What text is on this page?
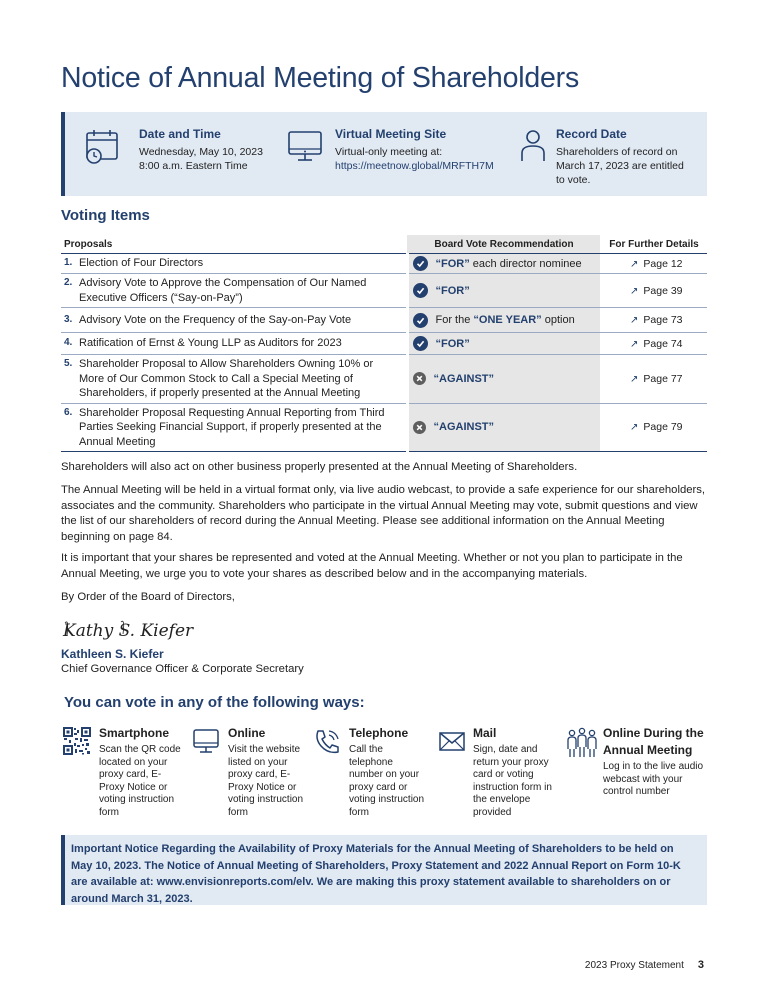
Notice of Annual Meeting of Shareholders
Date and Time
Wednesday, May 10, 2023
8:00 a.m. Eastern Time
Virtual Meeting Site
Virtual-only meeting at:
https://meetnow.global/MRFTH7M
Record Date
Shareholders of record on
March 17, 2023 are entitled
to vote.
Voting Items
Proposals	Board Vote Recommendation	For Further Details
1. Election of Four Directors	“FOR” each director nominee	↗ Page 12
2. Advisory Vote to Approve the Compensation of Our Named Executive Officers (“Say-on-Pay”)	“FOR”	↗ Page 39
3. Advisory Vote on the Frequency of the Say-on-Pay Vote	For the “ONE YEAR” option	↗ Page 73
4. Ratification of Ernst & Young LLP as Auditors for 2023	“FOR”	↗ Page 74
5. Shareholder Proposal to Allow Shareholders Owning 10% or More of Our Common Stock to Call a Special Meeting of Shareholders, if properly presented at the Annual Meeting	“AGAINST”	↗ Page 77
6. Shareholder Proposal Requesting Annual Reporting from Third Parties Seeking Financial Support, if properly presented at the Annual Meeting	“AGAINST”	↗ Page 79

Shareholders will also act on other business properly presented at the Annual Meeting of Shareholders.

The Annual Meeting will be held in a virtual format only, via live audio webcast, to provide a safe experience for our shareholders, associates and the community. Shareholders who participate in the virtual Annual Meeting may vote, submit questions and view the list of our shareholders of record during the Annual Meeting. Please see additional information on the Annual Meeting beginning on page 84.

It is important that your shares be represented and voted at the Annual Meeting. Whether or not you plan to participate in the Annual Meeting, we urge you to vote your shares as described below and in the accompanying materials.

By Order of the Board of Directors,

Kathy S. Kiefer
Kathleen S. Kiefer
Chief Governance Officer & Corporate Secretary
You can vote in any of the following ways:
Smartphone
Scan the QR code located on your proxy card, E-Proxy Notice or voting instruction form
Online
Visit the website listed on your proxy card, E-Proxy Notice or voting instruction form
Telephone
Call the telephone number on your proxy card or voting instruction form
Mail
Sign, date and return your proxy card or voting instruction form in the envelope provided
Online During the Annual Meeting
Log in to the live audio webcast with your control number
Important Notice Regarding the Availability of Proxy Materials for the Annual Meeting of Shareholders to be held on May 10, 2023. The Notice of Annual Meeting of Shareholders, Proxy Statement and 2022 Annual Report on Form 10-K are available at: www.envisionreports.com/elv. We are making this proxy statement available to shareholders on or around March 31, 2023.
2023 Proxy Statement 3
